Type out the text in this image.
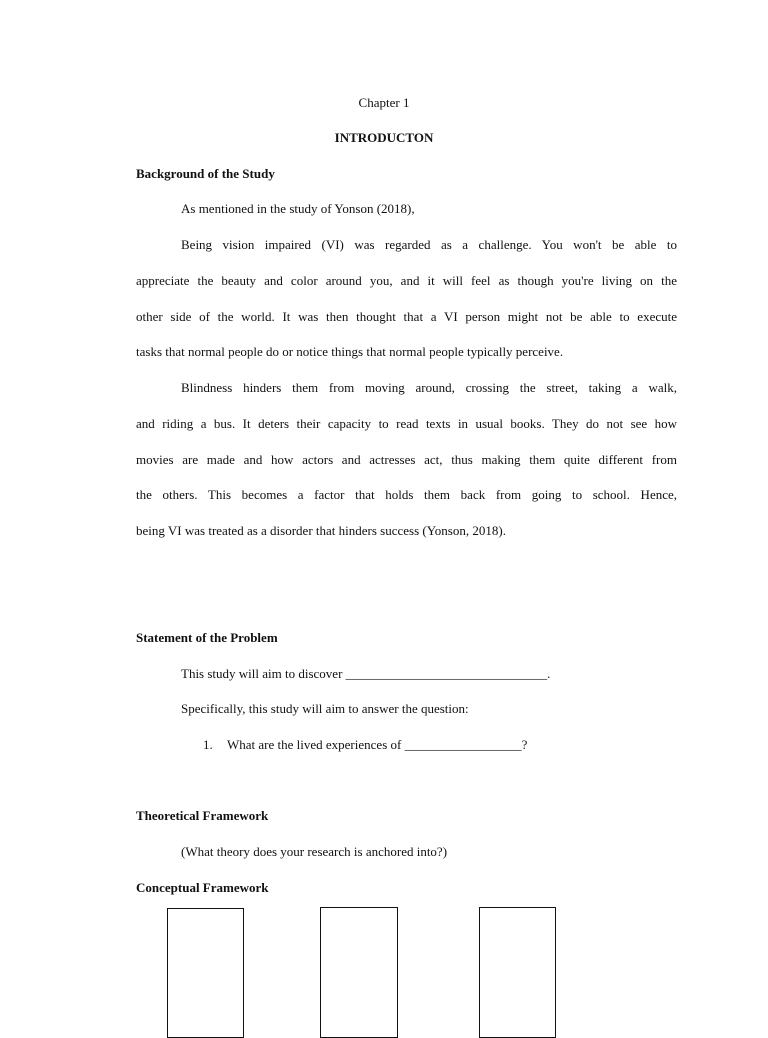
Chapter 1
INTRODUCTON
Background of the Study
As mentioned in the study of Yonson (2018),
Being vision impaired (VI) was regarded as a challenge. You won't be able to
appreciate the beauty and color around you, and it will feel as though you're living on the
other side of the world. It was then thought that a VI person might not be able to execute
tasks that normal people do or notice things that normal people typically perceive.
Blindness hinders them from moving around, crossing the street, taking a walk,
and riding a bus. It deters their capacity to read texts in usual books. They do not see how
movies are made and how actors and actresses act, thus making them quite different from
the others. This becomes a factor that holds them back from going to school. Hence,
being VI was treated as a disorder that hinders success (Yonson, 2018).
Statement of the Problem
This study will aim to discover _______________________________.
Specifically, this study will aim to answer the question:
1. What are the lived experiences of __________________?
Theoretical Framework
(What theory does your research is anchored into?)
Conceptual Framework
